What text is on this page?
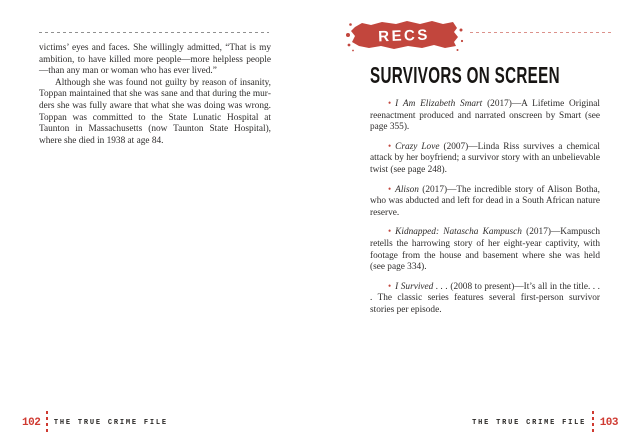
victims’ eyes and faces. She willingly admitted, “That is my ambition, to have killed more people—more helpless people—than any man or woman who has ever lived.”

Although she was found not guilty by reason of insanity, Toppan maintained that she was sane and that during the murders she was fully aware that what she was doing was wrong. Toppan was committed to the State Lunatic Hospital at Taunton in Massachusetts (now Taunton State Hospital), where she died in 1938 at age 84.

102 THE TRUE CRIME FILE
RECS
SURVIVORS ON SCREEN

• I Am Elizabeth Smart (2017)—A Lifetime Original reenactment produced and narrated onscreen by Smart (see page 355).

• Crazy Love (2007)—Linda Riss survives a chemical attack by her boyfriend; a survivor story with an unbelievable twist (see page 248).

• Alison (2017)—The incredible story of Alison Botha, who was abducted and left for dead in a South African nature reserve.

• Kidnapped: Natascha Kampusch (2017)—Kampusch retells the harrowing story of her eight-year captivity, with footage from the house and basement where she was held (see page 334).

• I Survived . . . (2008 to present)—It’s all in the title. . . . The classic series features several first-person survivor stories per episode.

THE TRUE CRIME FILE 103
